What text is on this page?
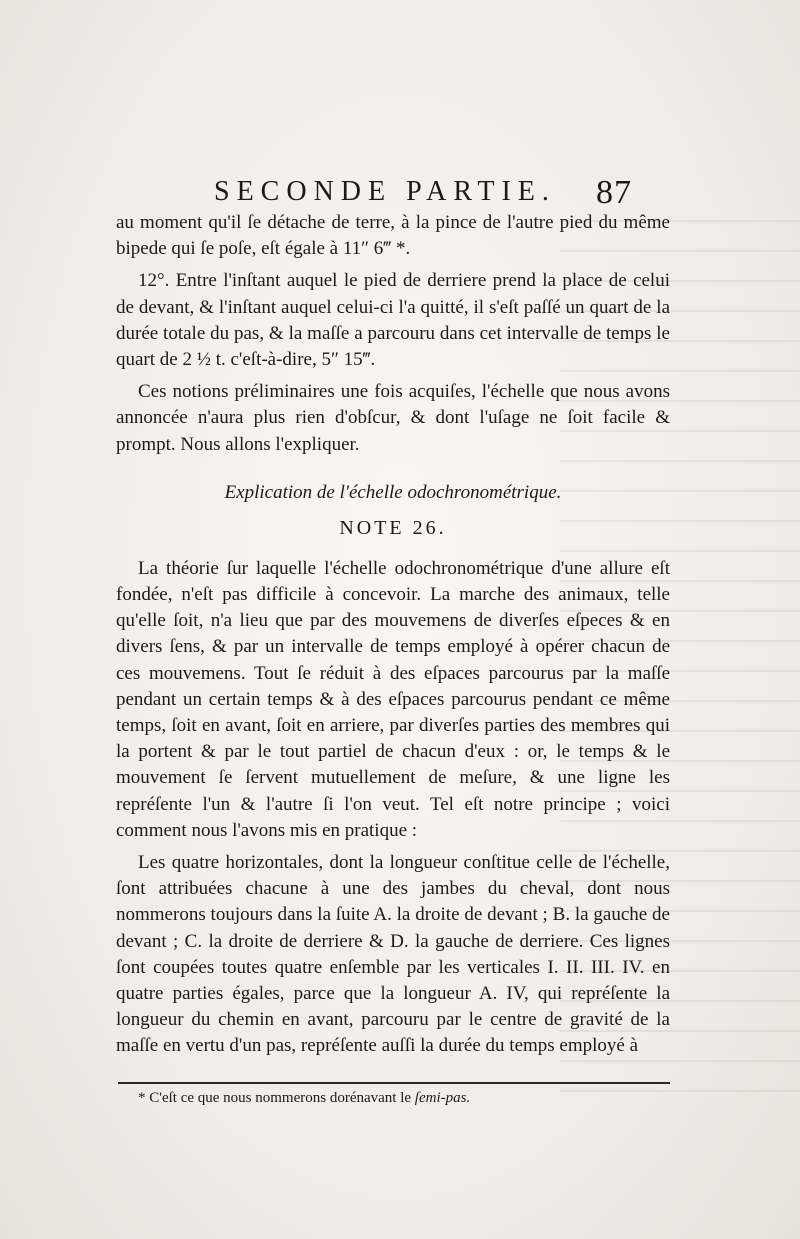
SECONDE PARTIE. 87

au moment qu'il ſe détache de terre, à la pince de l'autre pied du même bipede qui ſe poſe, eſt égale à 11″ 6‴ *.

12°. Entre l'inſtant auquel le pied de derriere prend la place de celui de devant, & l'inſtant auquel celui-ci l'a quitté, il s'eſt paſſé un quart de la durée totale du pas, & la maſſe a parcouru dans cet intervalle de temps le quart de 2 ½ t. c'eſt-à-dire, 5″ 15‴.

Ces notions préliminaires une fois acquiſes, l'échelle que nous avons annoncée n'aura plus rien d'obſcur, & dont l'uſage ne ſoit facile & prompt. Nous allons l'expliquer.

Explication de l'échelle odochronométrique.
NOTE 26.

La théorie ſur laquelle l'échelle odochronométrique d'une allure eſt fondée, n'eſt pas difficile à concevoir. La marche des animaux, telle qu'elle ſoit, n'a lieu que par des mouvemens de diverſes eſpeces & en divers ſens, & par un intervalle de temps employé à opérer chacun de ces mouvemens. Tout ſe réduit à des eſpaces parcourus par la maſſe pendant un certain temps & à des eſpaces parcourus pendant ce même temps, ſoit en avant, ſoit en arriere, par diverſes parties des membres qui la portent & par le tout partiel de chacun d'eux : or, le temps & le mouvement ſe ſervent mutuellement de meſure, & une ligne les repréſente l'un & l'autre ſi l'on veut. Tel eſt notre principe ; voici comment nous l'avons mis en pratique :

Les quatre horizontales, dont la longueur conſtitue celle de l'échelle, ſont attribuées chacune à une des jambes du cheval, dont nous nommerons toujours dans la ſuite A. la droite de devant ; B. la gauche de devant ; C. la droite de derriere & D. la gauche de derriere. Ces lignes ſont coupées toutes quatre enſemble par les verticales I. II. III. IV. en quatre parties égales, parce que la longueur A. IV, qui repréſente la longueur du chemin en avant, parcouru par le centre de gravité de la maſſe en vertu d'un pas, repréſente auſſi la durée du temps employé à

* C'eſt ce que nous nommerons dorénavant le ſemi-pas.
